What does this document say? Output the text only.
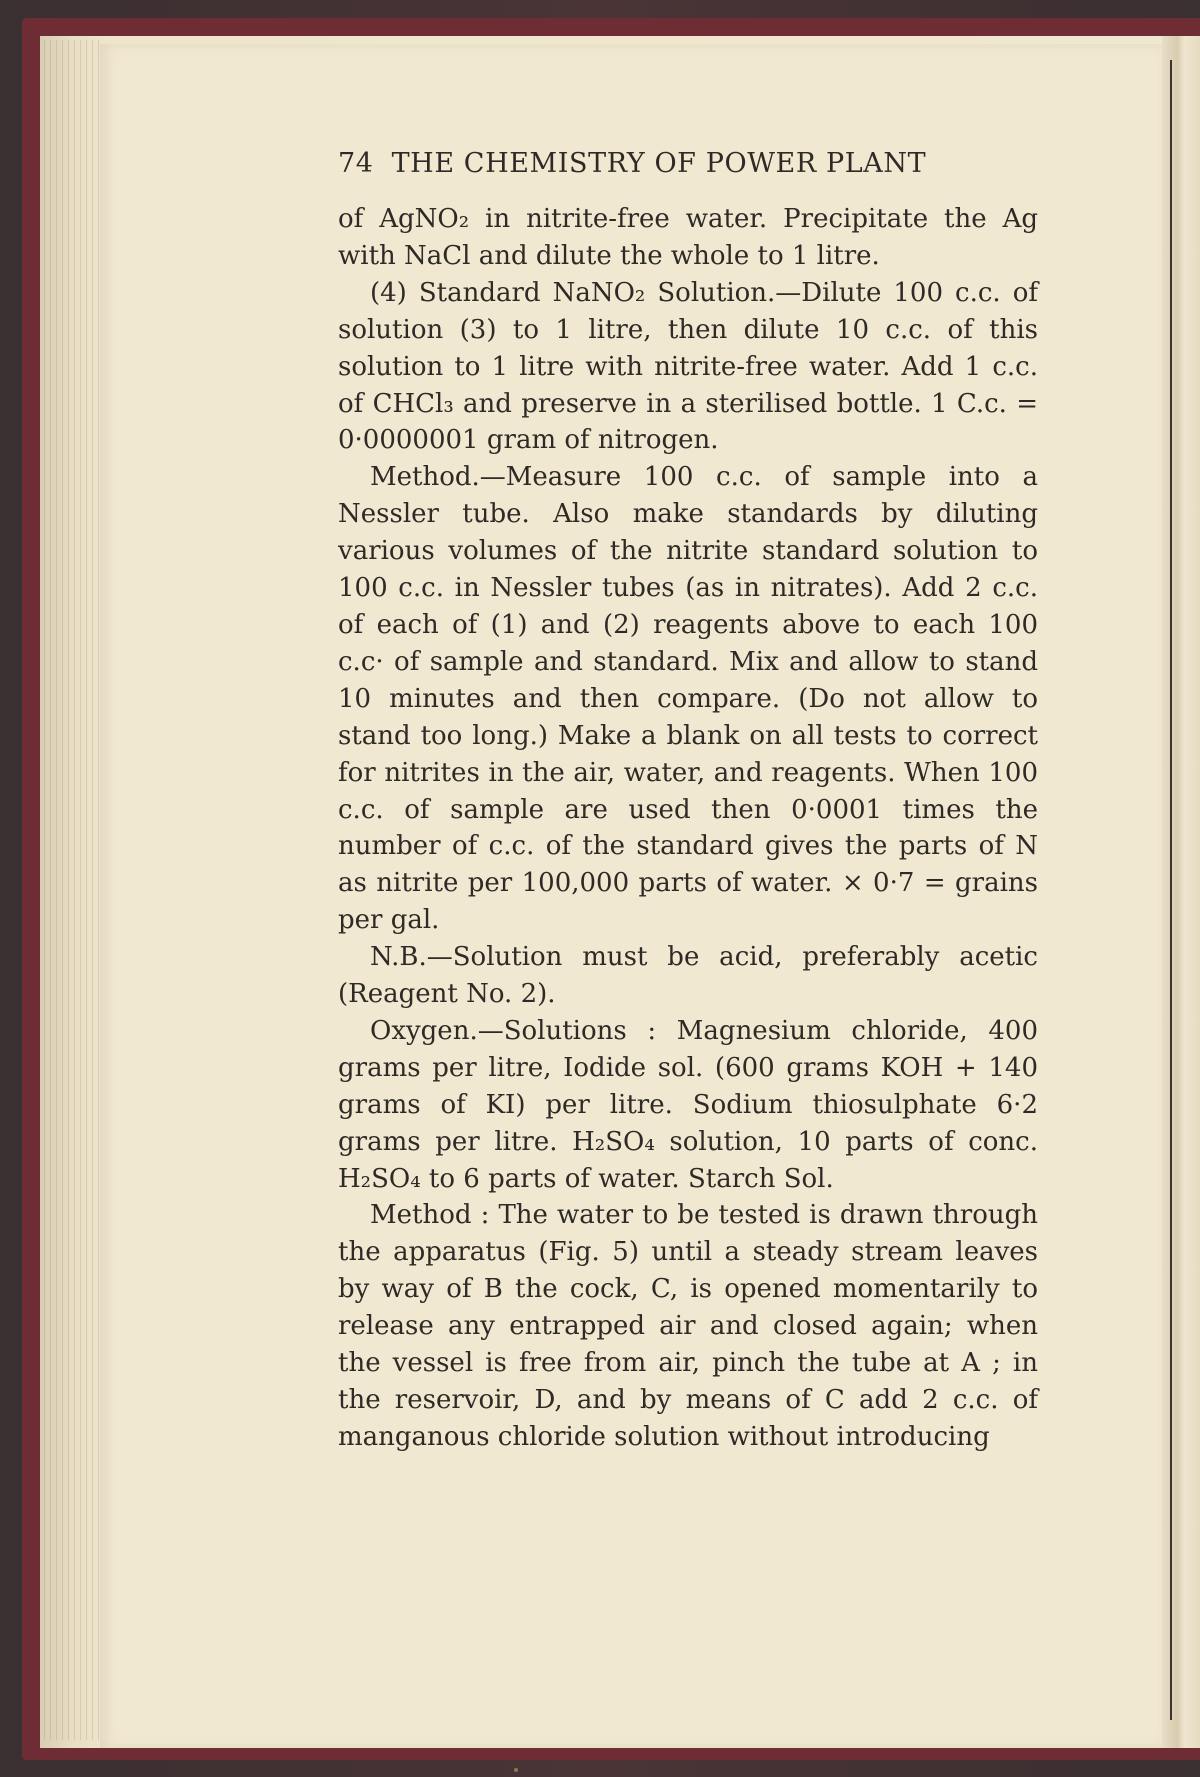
74 THE CHEMISTRY OF POWER PLANT

of AgNO₂ in nitrite-free water. Precipitate the Ag with NaCl and dilute the whole to 1 litre.

(4) Standard NaNO₂ Solution.—Dilute 100 c.c. of solution (3) to 1 litre, then dilute 10 c.c. of this solution to 1 litre with nitrite-free water. Add 1 c.c. of CHCl₃ and preserve in a sterilised bottle. 1 C.c. = 0·0000001 gram of nitrogen.

Method.—Measure 100 c.c. of sample into a Nessler tube. Also make standards by diluting various volumes of the nitrite standard solution to 100 c.c. in Nessler tubes (as in nitrates). Add 2 c.c. of each of (1) and (2) reagents above to each 100 c.c· of sample and standard. Mix and allow to stand 10 minutes and then compare. (Do not allow to stand too long.) Make a blank on all tests to correct for nitrites in the air, water, and reagents. When 100 c.c. of sample are used then 0·0001 times the number of c.c. of the standard gives the parts of N as nitrite per 100,000 parts of water. × 0·7 = grains per gal.

N.B.—Solution must be acid, preferably acetic (Reagent No. 2).

Oxygen.—Solutions : Magnesium chloride, 400 grams per litre, Iodide sol. (600 grams KOH + 140 grams of KI) per litre. Sodium thiosulphate 6·2 grams per litre. H₂SO₄ solution, 10 parts of conc. H₂SO₄ to 6 parts of water. Starch Sol.

Method : The water to be tested is drawn through the apparatus (Fig. 5) until a steady stream leaves by way of B the cock, C, is opened momentarily to release any entrapped air and closed again; when the vessel is free from air, pinch the tube at A ; in the reservoir, D, and by means of C add 2 c.c. of manganous chloride solution without introducing
